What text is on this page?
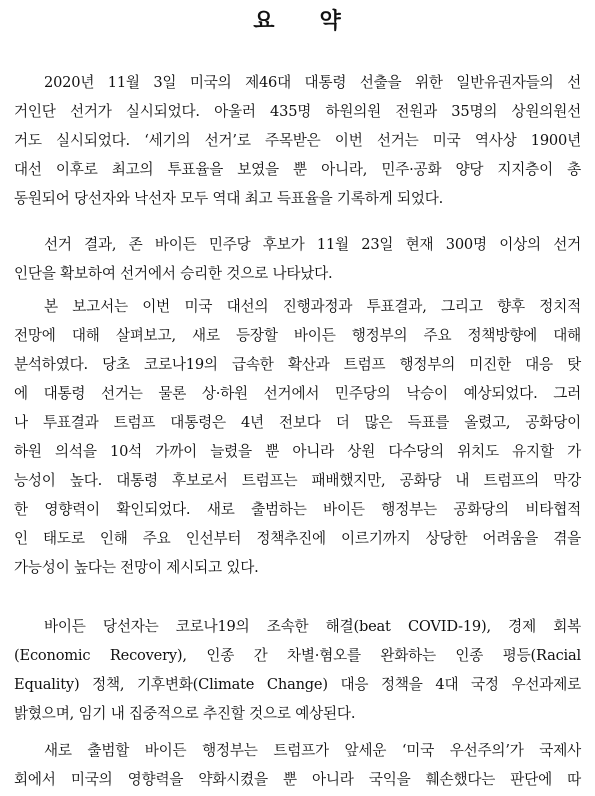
요 약
2020년 11월 3일 미국의 제46대 대통령 선출을 위한 일반유권자들의 선
거인단 선거가 실시되었다. 아울러 435명 하원의원 전원과 35명의 상원의원선
거도 실시되었다. ‘세기의 선거’로 주목받은 이번 선거는 미국 역사상 1900년
대선 이후로 최고의 투표율을 보였을 뿐 아니라, 민주·공화 양당 지지층이 총
동원되어 당선자와 낙선자 모두 역대 최고 득표율을 기록하게 되었다.
선거 결과, 존 바이든 민주당 후보가 11월 23일 현재 300명 이상의 선거
인단을 확보하여 선거에서 승리한 것으로 나타났다.
본 보고서는 이번 미국 대선의 진행과정과 투표결과, 그리고 향후 정치적
전망에 대해 살펴보고, 새로 등장할 바이든 행정부의 주요 정책방향에 대해
분석하였다. 당초 코로나19의 급속한 확산과 트럼프 행정부의 미진한 대응 탓
에 대통령 선거는 물론 상·하원 선거에서 민주당의 낙승이 예상되었다. 그러
나 투표결과 트럼프 대통령은 4년 전보다 더 많은 득표를 올렸고, 공화당이
하원 의석을 10석 가까이 늘렸을 뿐 아니라 상원 다수당의 위치도 유지할 가
능성이 높다. 대통령 후보로서 트럼프는 패배했지만, 공화당 내 트럼프의 막강
한 영향력이 확인되었다. 새로 출범하는 바이든 행정부는 공화당의 비타협적
인 태도로 인해 주요 인선부터 정책추진에 이르기까지 상당한 어려움을 겪을
가능성이 높다는 전망이 제시되고 있다.
바이든 당선자는 코로나19의 조속한 해결(beat COVID-19), 경제 회복
(Economic Recovery), 인종 간 차별·혐오를 완화하는 인종 평등(Racial
Equality) 정책, 기후변화(Climate Change) 대응 정책을 4대 국정 우선과제로
밝혔으며, 임기 내 집중적으로 추진할 것으로 예상된다.
새로 출범할 바이든 행정부는 트럼프가 앞세운 ‘미국 우선주의’가 국제사
회에서 미국의 영향력을 약화시켰을 뿐 아니라 국익을 훼손했다는 판단에 따
